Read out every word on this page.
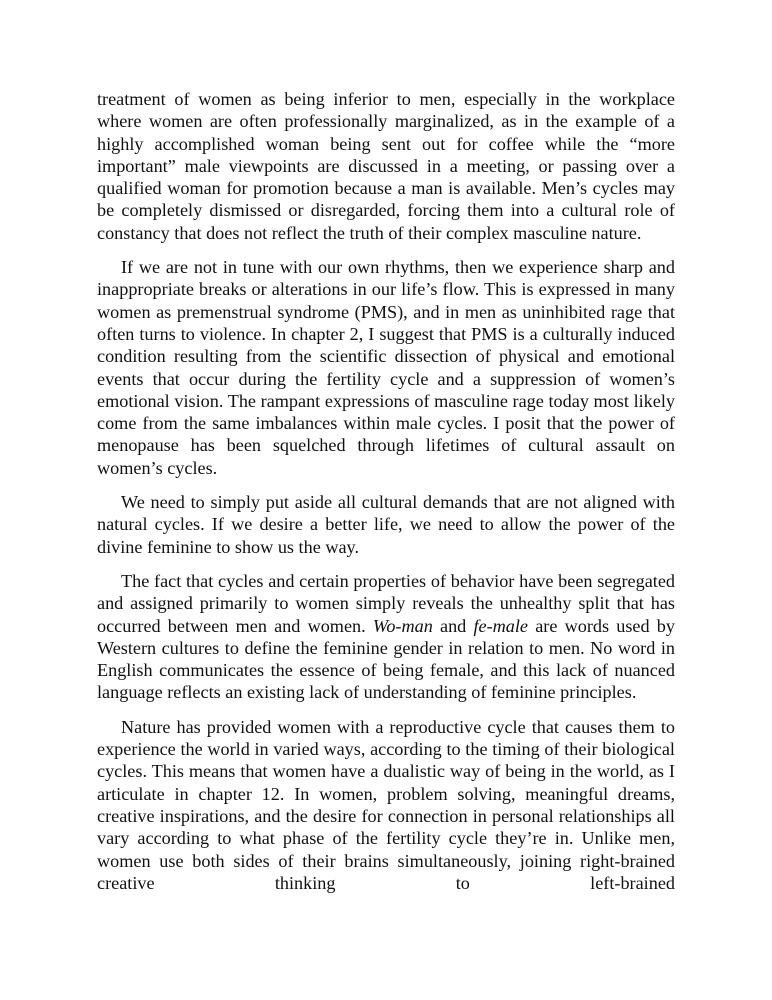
treatment of women as being inferior to men, especially in the workplace where women are often professionally marginalized, as in the example of a highly accomplished woman being sent out for coffee while the “more important” male viewpoints are discussed in a meeting, or passing over a qualified woman for promotion because a man is available. Men’s cycles may be completely dismissed or disregarded, forcing them into a cultural role of constancy that does not reflect the truth of their complex masculine nature.

If we are not in tune with our own rhythms, then we experience sharp and inappropriate breaks or alterations in our life’s flow. This is expressed in many women as premenstrual syndrome (PMS), and in men as uninhibited rage that often turns to violence. In chapter 2, I suggest that PMS is a culturally induced condition resulting from the scientific dissection of physical and emotional events that occur during the fertility cycle and a suppression of women’s emotional vision. The rampant expressions of masculine rage today most likely come from the same imbalances within male cycles. I posit that the power of menopause has been squelched through lifetimes of cultural assault on women’s cycles.

We need to simply put aside all cultural demands that are not aligned with natural cycles. If we desire a better life, we need to allow the power of the divine feminine to show us the way.

The fact that cycles and certain properties of behavior have been segregated and assigned primarily to women simply reveals the unhealthy split that has occurred between men and women. Wo-man and fe-male are words used by Western cultures to define the feminine gender in relation to men. No word in English communicates the essence of being female, and this lack of nuanced language reflects an existing lack of understanding of feminine principles.

Nature has provided women with a reproductive cycle that causes them to experience the world in varied ways, according to the timing of their biological cycles. This means that women have a dualistic way of being in the world, as I articulate in chapter 12. In women, problem solving, meaningful dreams, creative inspirations, and the desire for connection in personal relationships all vary according to what phase of the fertility cycle they’re in. Unlike men, women use both sides of their brains simultaneously, joining right-brained creative thinking to left-brained
